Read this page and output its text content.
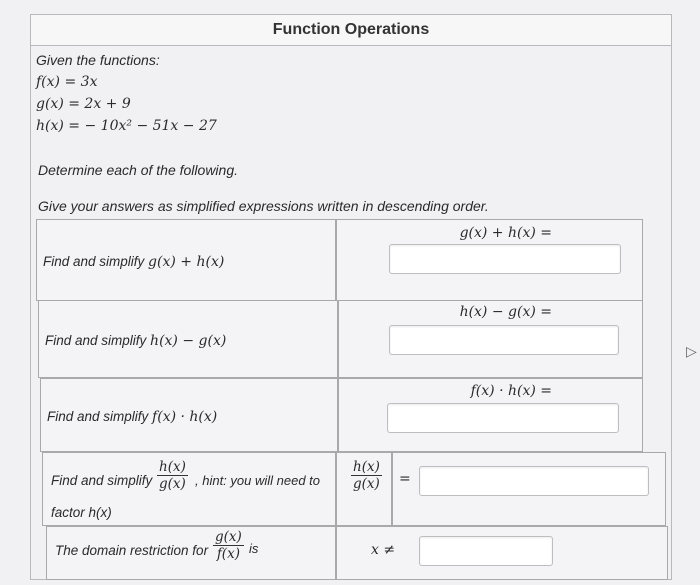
Function Operations
Given the functions:
f(x) = 3x
g(x) = 2x + 9
h(x) = − 10x² − 51x − 27
Determine each of the following.
Give your answers as simplified expressions written in descending order.
Find and simplify g(x) + h(x)
g(x) + h(x) =
Find and simplify h(x) − g(x)
h(x) − g(x) =
Find and simplify f(x) · h(x)
f(x) · h(x) =
Find and simplify $\frac{h(x)}{g(x)}$ , hint: you will need to
factor h(x)
$\frac{h(x)}{g(x)}$ =
The domain restriction for $\frac{g(x)}{f(x)}$ is	x ≠
▷
